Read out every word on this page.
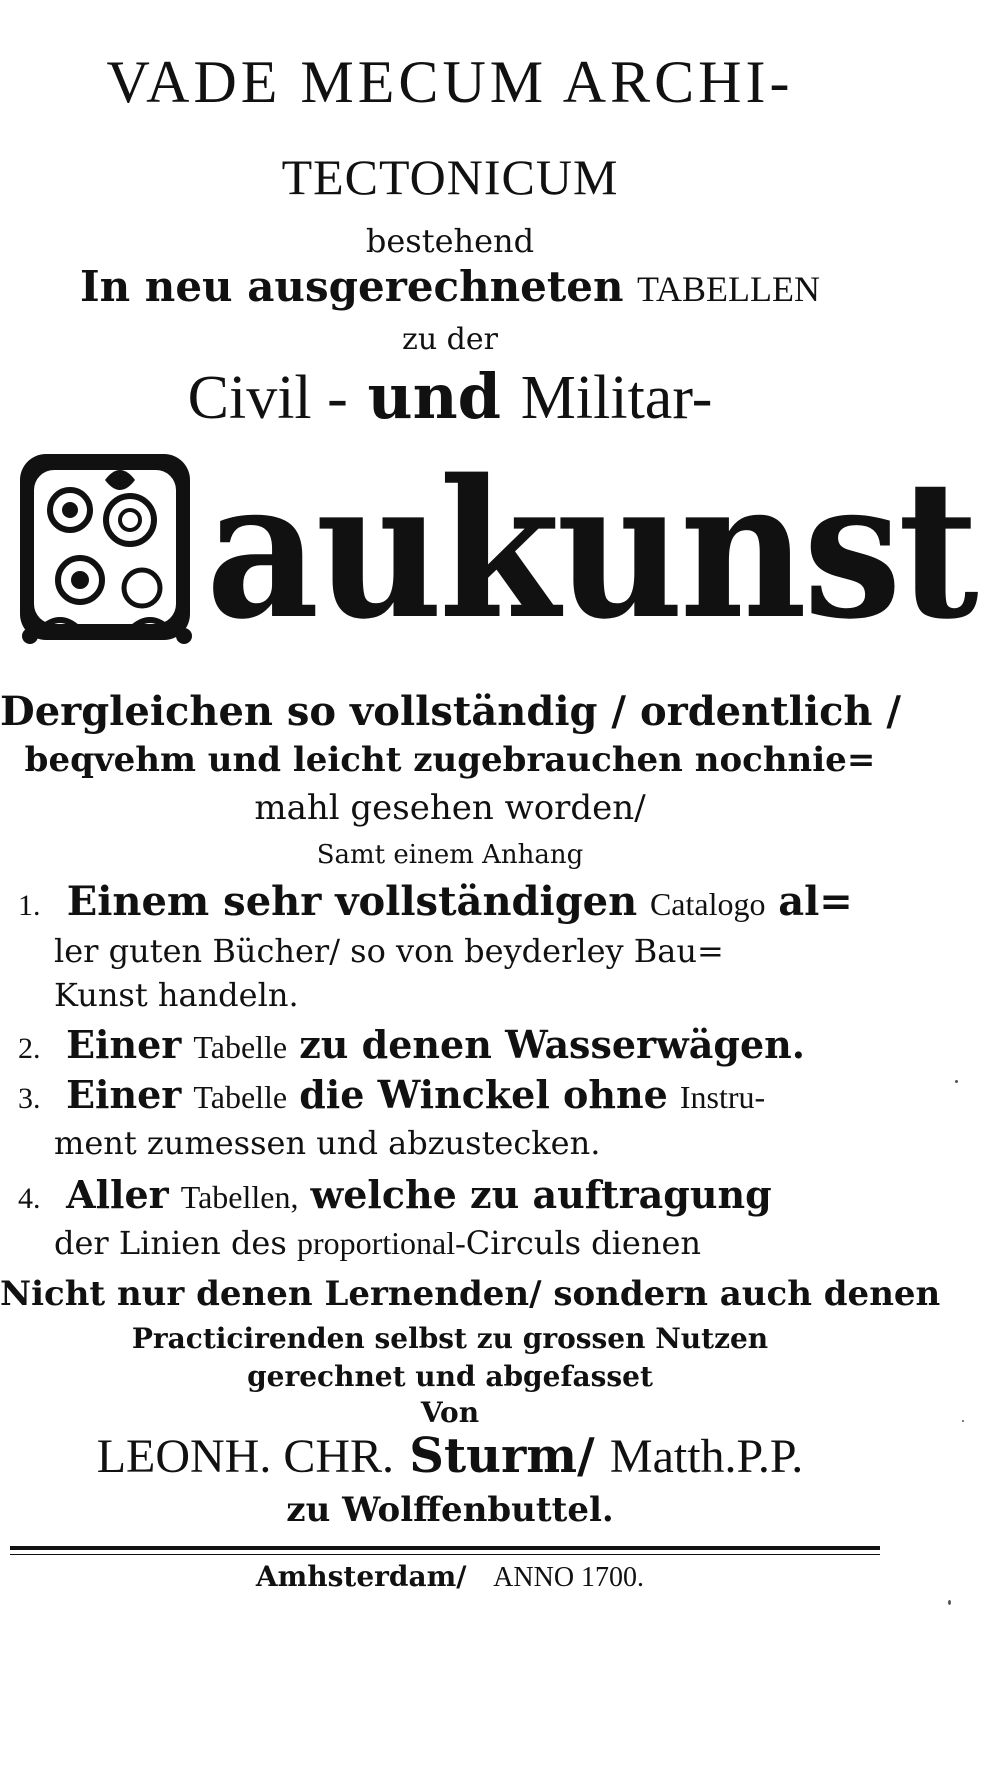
VADE MECUM ARCHI-
TECTONICUM
bestehend
In neu ausgerechneten TABELLEN
zu der
Civil - und Militar-
aukunst
Dergleichen so vollständig / ordentlich /
beqvehm und leicht zugebrauchen nochnie=
mahl gesehen worden/
Samt einem Anhang
1. Einem sehr vollständigen Catalogo al=
ler guten Bücher/ so von beyderley Bau=
Kunst handeln.
2. Einer Tabelle zu denen Wasserwägen.
3. Einer Tabelle die Winckel ohne Instru-
ment zumessen und abzustecken.
4. Aller Tabellen, welche zu auftragung
der Linien des proportional-Circuls dienen
Nicht nur denen Lernenden/ sondern auch denen
Practicirenden selbst zu grossen Nutzen
gerechnet und abgefasset
Von
LEONH. CHR. Sturm/ Matth.P.P.
zu Wolffenbuttel.
Amhsterdam/ ANNO 1700.
